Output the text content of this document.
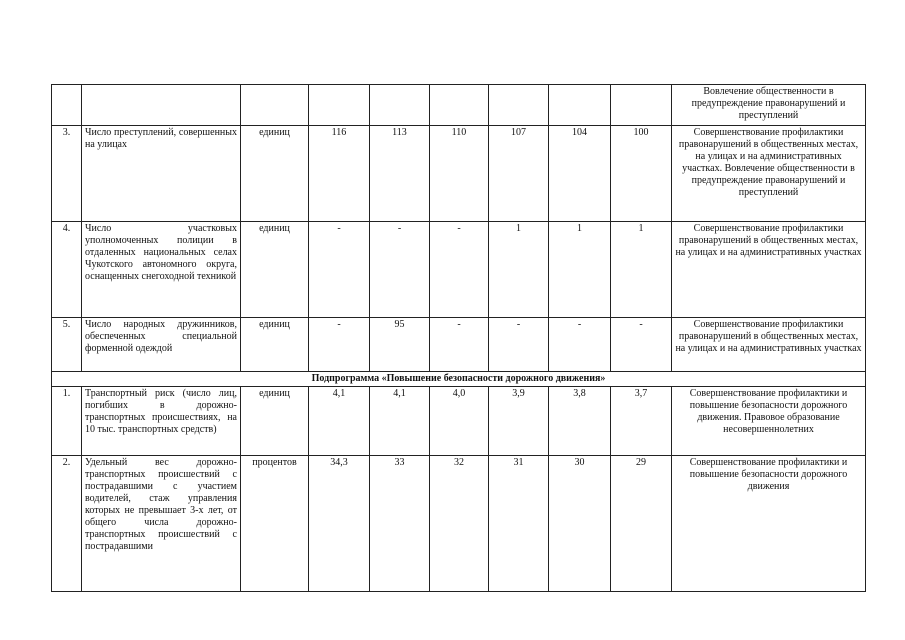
									Вовлечение общественности в предупреждение правонарушений и преступлений
3.	Число преступлений, совершенных на улицах	единиц	116	113	110	107	104	100	Совершенствование профилактики правонарушений в общественных местах, на улицах и на административных участках. Вовлечение общественности в предупреждение правонарушений и преступлений
4.	Число участковых уполномоченных полиции в отдаленных национальных селах Чукотского автономного округа, оснащенных снегоходной техникой	единиц	-	-	-	1	1	1	Совершенствование профилактики правонарушений в общественных местах, на улицах и на административных участках
5.	Число народных дружинников, обеспеченных специальной форменной одеждой	единиц	-	95	-	-	-	-	Совершенствование профилактики правонарушений в общественных местах, на улицах и на административных участках
Подпрограмма «Повышение безопасности дорожного движения»									
1.	Транспортный риск (число лиц, погибших в дорожно-транспортных происшествиях, на 10 тыс. транспортных средств)	единиц	4,1	4,1	4,0	3,9	3,8	3,7	Совершенствование профилактики и повышение безопасности дорожного движения. Правовое образование несовершеннолетних
2.	Удельный вес дорожно-транспортных происшествий с пострадавшими с участием водителей, стаж управления которых не превышает 3-х лет, от общего числа дорожно-транспортных происшествий с пострадавшими	процентов	34,3	33	32	31	30	29	Совершенствование профилактики и повышение безопасности дорожного движения
